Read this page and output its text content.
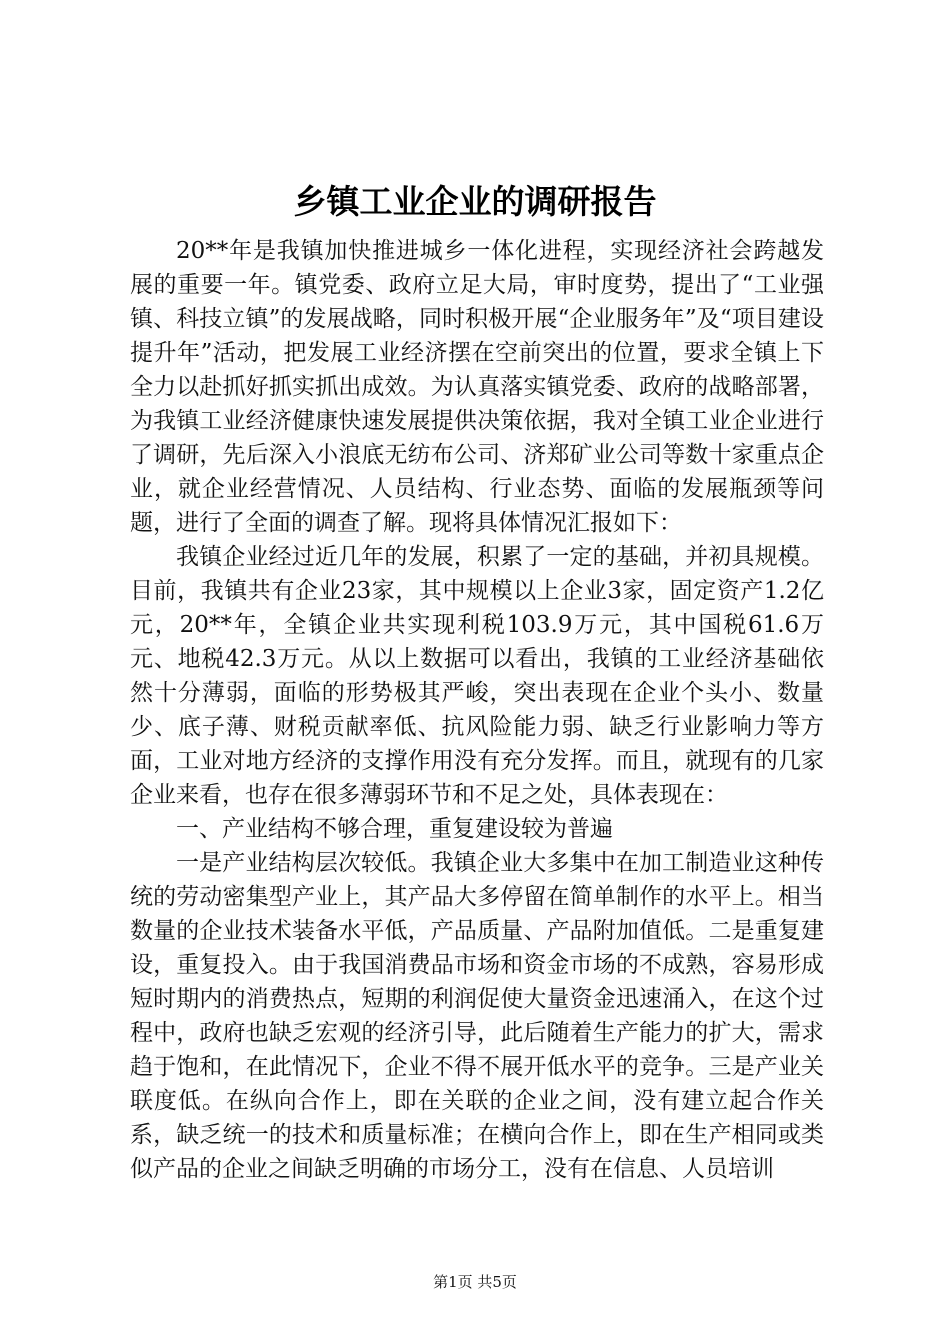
乡镇工业企业的调研报告

20**年是我镇加快推进城乡一体化进程，实现经济社会跨越发展的重要一年。镇党委、政府立足大局，审时度势，提出了“工业强镇、科技立镇”的发展战略，同时积极开展“企业服务年”及“项目建设提升年”活动，把发展工业经济摆在空前突出的位置，要求全镇上下全力以赴抓好抓实抓出成效。为认真落实镇党委、政府的战略部署，为我镇工业经济健康快速发展提供决策依据，我对全镇工业企业进行了调研，先后深入小浪底无纺布公司、济郑矿业公司等数十家重点企业，就企业经营情况、人员结构、行业态势、面临的发展瓶颈等问题，进行了全面的调查了解。现将具体情况汇报如下：

我镇企业经过近几年的发展，积累了一定的基础，并初具规模。目前，我镇共有企业23家，其中规模以上企业3家，固定资产1.2亿元，20**年，全镇企业共实现利税103.9万元，其中国税61.6万元、地税42.3万元。从以上数据可以看出，我镇的工业经济基础依然十分薄弱，面临的形势极其严峻，突出表现在企业个头小、数量少、底子薄、财税贡献率低、抗风险能力弱、缺乏行业影响力等方面，工业对地方经济的支撑作用没有充分发挥。而且，就现有的几家企业来看，也存在很多薄弱环节和不足之处，具体表现在：

一、产业结构不够合理，重复建设较为普遍

一是产业结构层次较低。我镇企业大多集中在加工制造业这种传统的劳动密集型产业上，其产品大多停留在简单制作的水平上。相当数量的企业技术装备水平低，产品质量、产品附加值低。二是重复建设，重复投入。由于我国消费品市场和资金市场的不成熟，容易形成短时期内的消费热点，短期的利润促使大量资金迅速涌入，在这个过程中，政府也缺乏宏观的经济引导，此后随着生产能力的扩大，需求趋于饱和，在此情况下，企业不得不展开低水平的竞争。三是产业关联度低。在纵向合作上，即在关联的企业之间，没有建立起合作关系，缺乏统一的技术和质量标准；在横向合作上，即在生产相同或类似产品的企业之间缺乏明确的市场分工，没有在信息、人员培训

第1页 共5页
